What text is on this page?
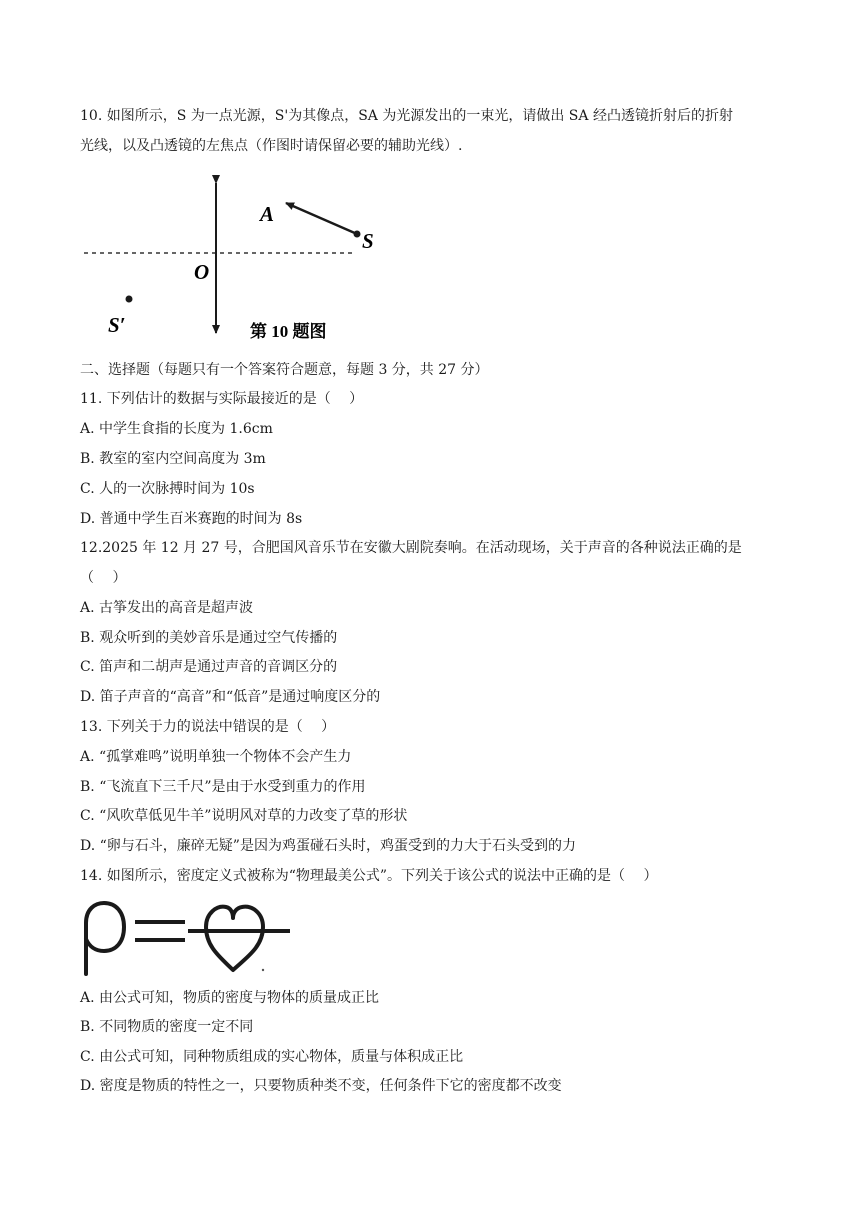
10. 如图所示，S 为一点光源，S'为其像点，SA 为光源发出的一束光，请做出 SA 经凸透镜折射后的折射
光线，以及凸透镜的左焦点（作图时请保留必要的辅助光线）.
A
S
O
S′	第 10 题图
二、选择题（每题只有一个答案符合题意，每题 3 分，共 27 分）
11. 下列估计的数据与实际最接近的是（　 ）
A. 中学生食指的长度为 1.6cm
B. 教室的室内空间高度为 3m
C. 人的一次脉搏时间为 10s
D. 普通中学生百米赛跑的时间为 8s
12.2025 年 12 月 27 号，合肥国风音乐节在安徽大剧院奏响。在活动现场，关于声音的各种说法正确的是
（　 ）
A. 古筝发出的高音是超声波
B. 观众听到的美妙音乐是通过空气传播的
C. 笛声和二胡声是通过声音的音调区分的
D. 笛子声音的“高音”和“低音”是通过响度区分的
13. 下列关于力的说法中错误的是（　 ）
A. “孤掌难鸣”说明单独一个物体不会产生力
B. “飞流直下三千尺”是由于水受到重力的作用
C. “风吹草低见牛羊”说明风对草的力改变了草的形状
D. “卵与石斗，廉碎无疑”是因为鸡蛋碰石头时，鸡蛋受到的力大于石头受到的力
14. 如图所示，密度定义式被称为“物理最美公式”。下列关于该公式的说法中正确的是（　 ）
A. 由公式可知，物质的密度与物体的质量成正比
B. 不同物质的密度一定不同
C. 由公式可知，同种物质组成的实心物体，质量与体积成正比
D. 密度是物质的特性之一，只要物质种类不变，任何条件下它的密度都不改变
